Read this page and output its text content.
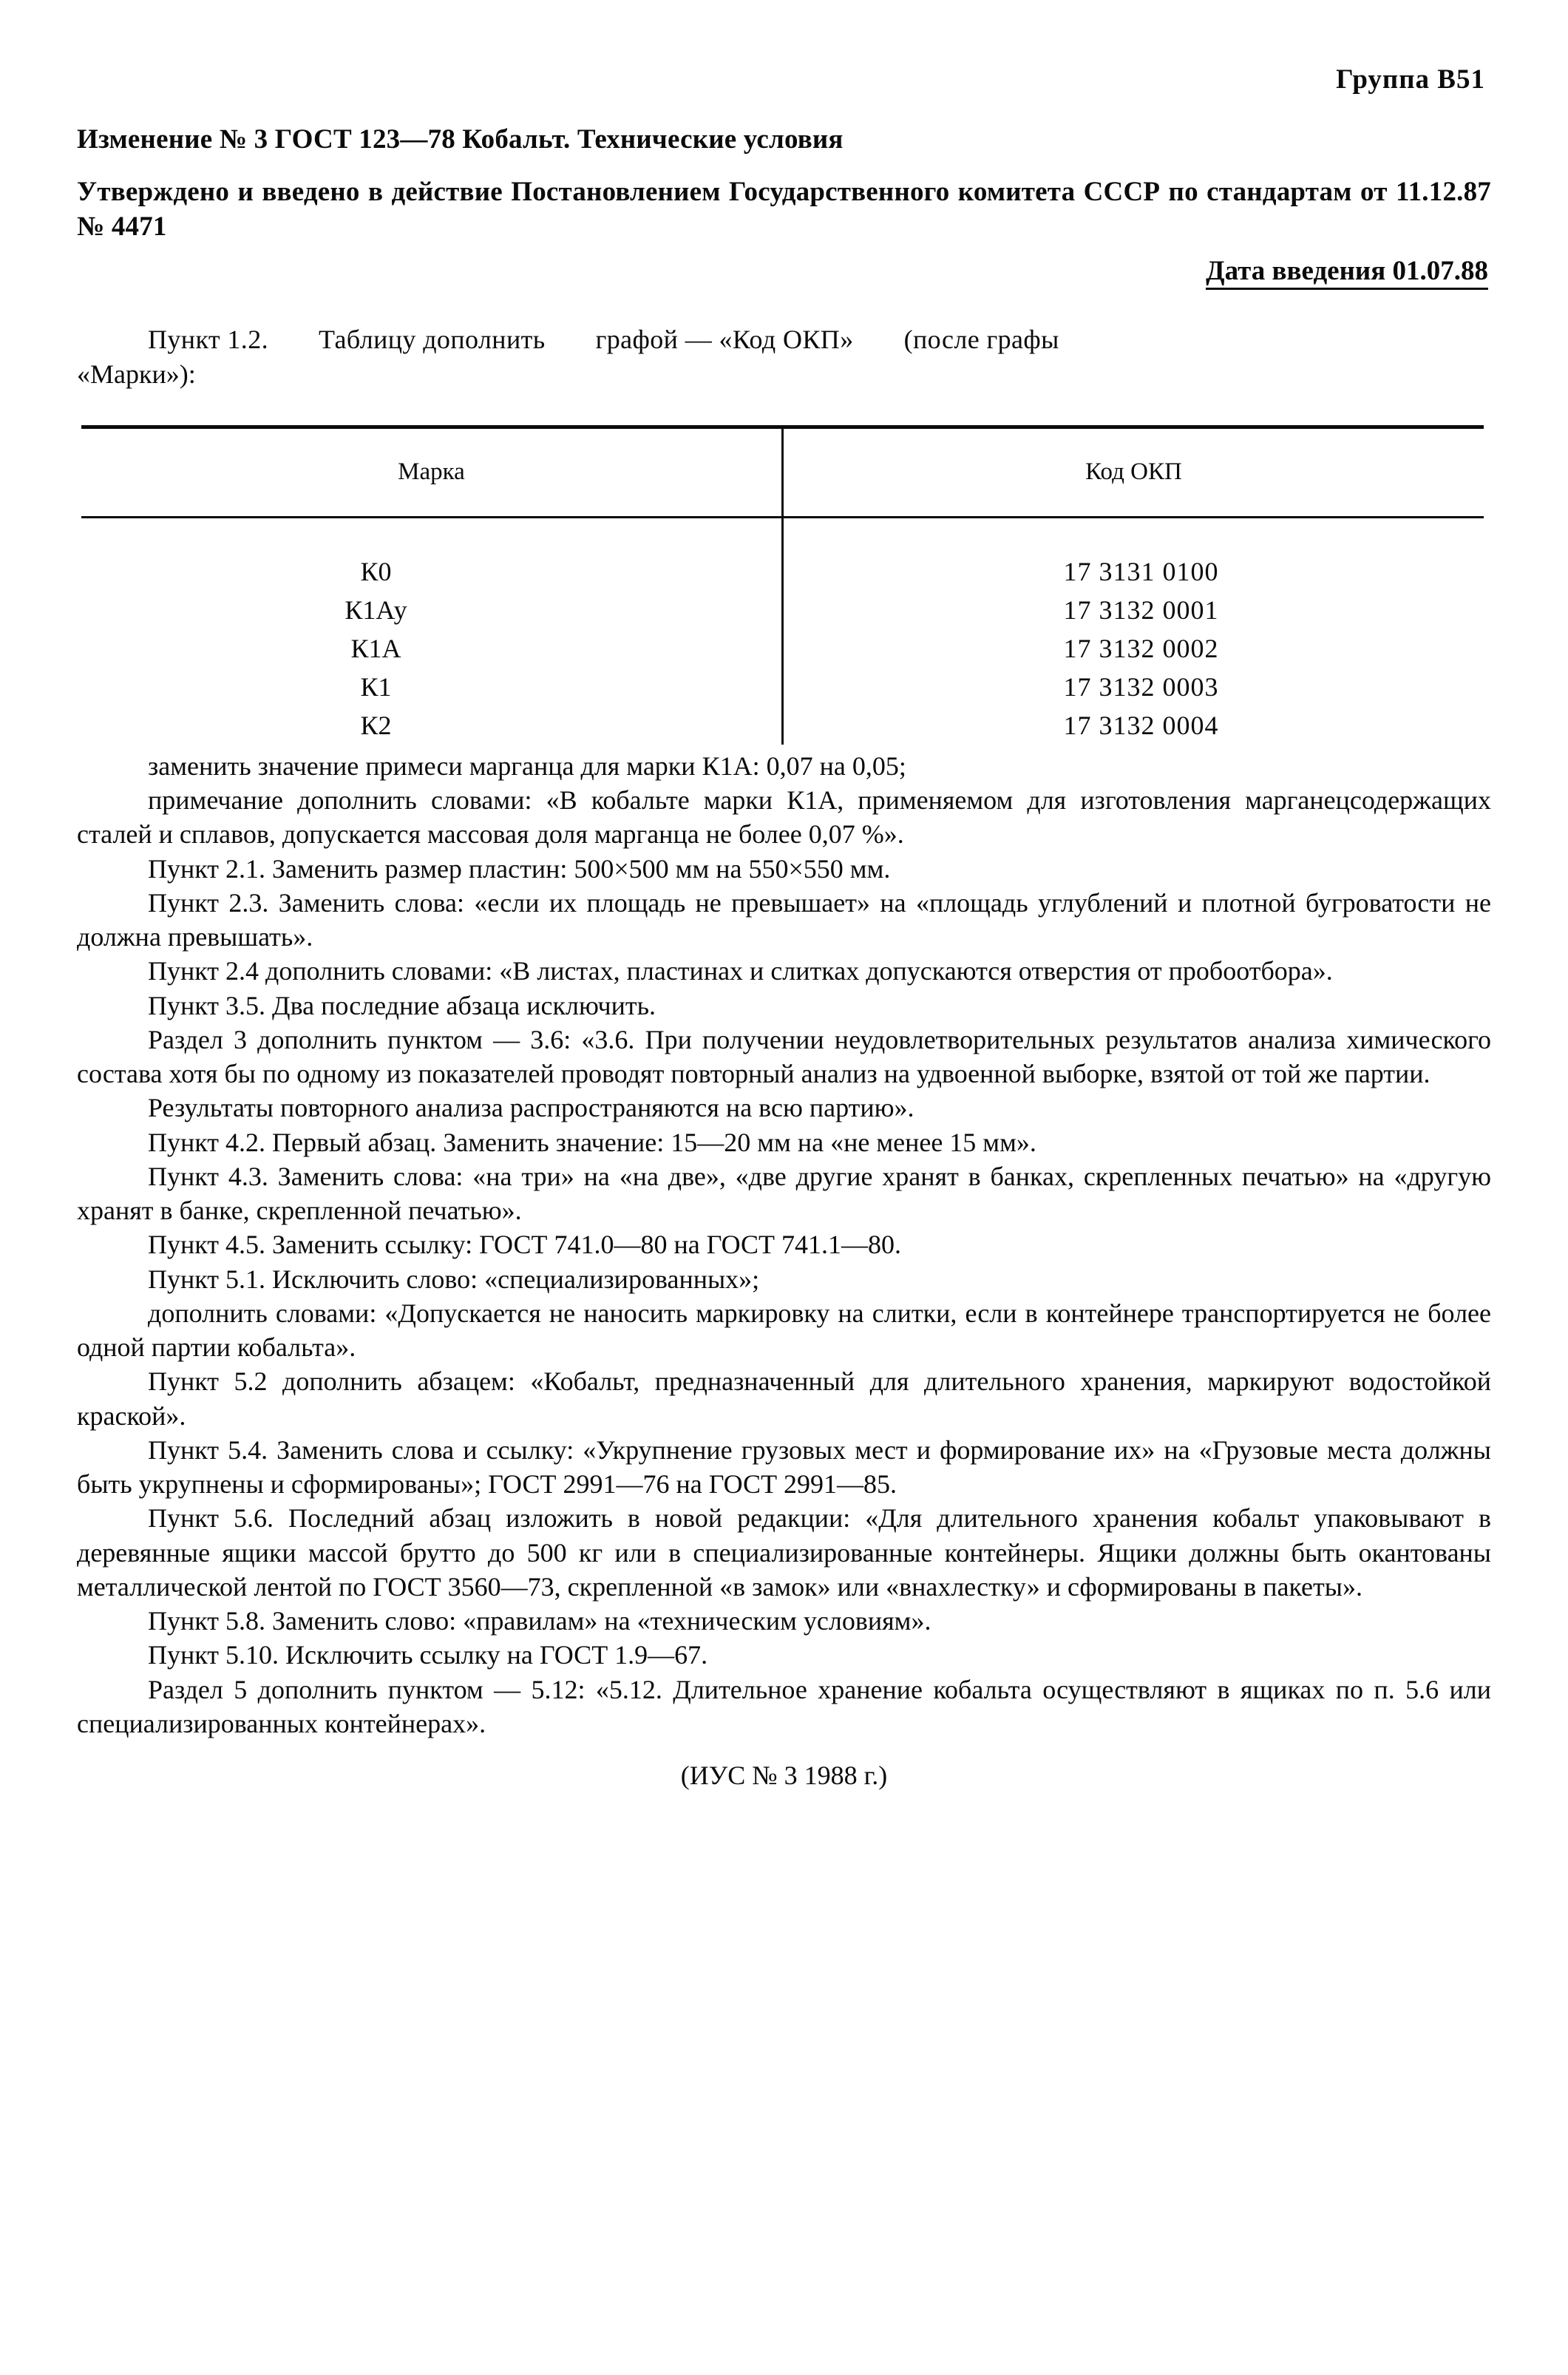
Группа В51
Изменение № 3 ГОСТ 123—78 Кобальт. Технические условия
Утверждено и введено в действие Постановлением Государственного комитета СССР по стандартам от 11.12.87 № 4471
Дата введения 01.07.88
Пункт 1.2. Таблицу дополнить графой — «Код ОКП» (после графы
«Марки»):
Марка	Код ОКП

К0	17 3131 0100
К1Ау	17 3132 0001
К1А	17 3132 0002
К1	17 3132 0003
К2	17 3132 0004

заменить значение примеси марганца для марки К1А: 0,07 на 0,05;

примечание дополнить словами: «В кобальте марки К1А, применяемом для изготовления марганецсодержащих сталей и сплавов, допускается массовая доля марганца не более 0,07 %».

Пункт 2.1. Заменить размер пластин: 500×500 мм на 550×550 мм.

Пункт 2.3. Заменить слова: «если их площадь не превышает» на «площадь углублений и плотной бугроватости не должна превышать».

Пункт 2.4 дополнить словами: «В листах, пластинах и слитках допускаются отверстия от пробоотбора».

Пункт 3.5. Два последние абзаца исключить.

Раздел 3 дополнить пунктом — 3.6: «3.6. При получении неудовлетворительных результатов анализа химического состава хотя бы по одному из показателей проводят повторный анализ на удвоенной выборке, взятой от той же партии.

Результаты повторного анализа распространяются на всю партию».

Пункт 4.2. Первый абзац. Заменить значение: 15—20 мм на «не менее 15 мм».

Пункт 4.3. Заменить слова: «на три» на «на две», «две другие хранят в банках, скрепленных печатью» на «другую хранят в банке, скрепленной печатью».

Пункт 4.5. Заменить ссылку: ГОСТ 741.0—80 на ГОСТ 741.1—80.

Пункт 5.1. Исключить слово: «специализированных»;

дополнить словами: «Допускается не наносить маркировку на слитки, если в контейнере транспортируется не более одной партии кобальта».

Пункт 5.2 дополнить абзацем: «Кобальт, предназначенный для длительного хранения, маркируют водостойкой краской».

Пункт 5.4. Заменить слова и ссылку: «Укрупнение грузовых мест и формирование их» на «Грузовые места должны быть укрупнены и сформированы»; ГОСТ 2991—76 на ГОСТ 2991—85.

Пункт 5.6. Последний абзац изложить в новой редакции: «Для длительного хранения кобальт упаковывают в деревянные ящики массой брутто до 500 кг или в специализированные контейнеры. Ящики должны быть окантованы металлической лентой по ГОСТ 3560—73, скрепленной «в замок» или «внахлестку» и сформированы в пакеты».

Пункт 5.8. Заменить слово: «правилам» на «техническим условиям».

Пункт 5.10. Исключить ссылку на ГОСТ 1.9—67.

Раздел 5 дополнить пунктом — 5.12: «5.12. Длительное хранение кобальта осуществляют в ящиках по п. 5.6 или специализированных контейнерах».

(ИУС № 3 1988 г.)
